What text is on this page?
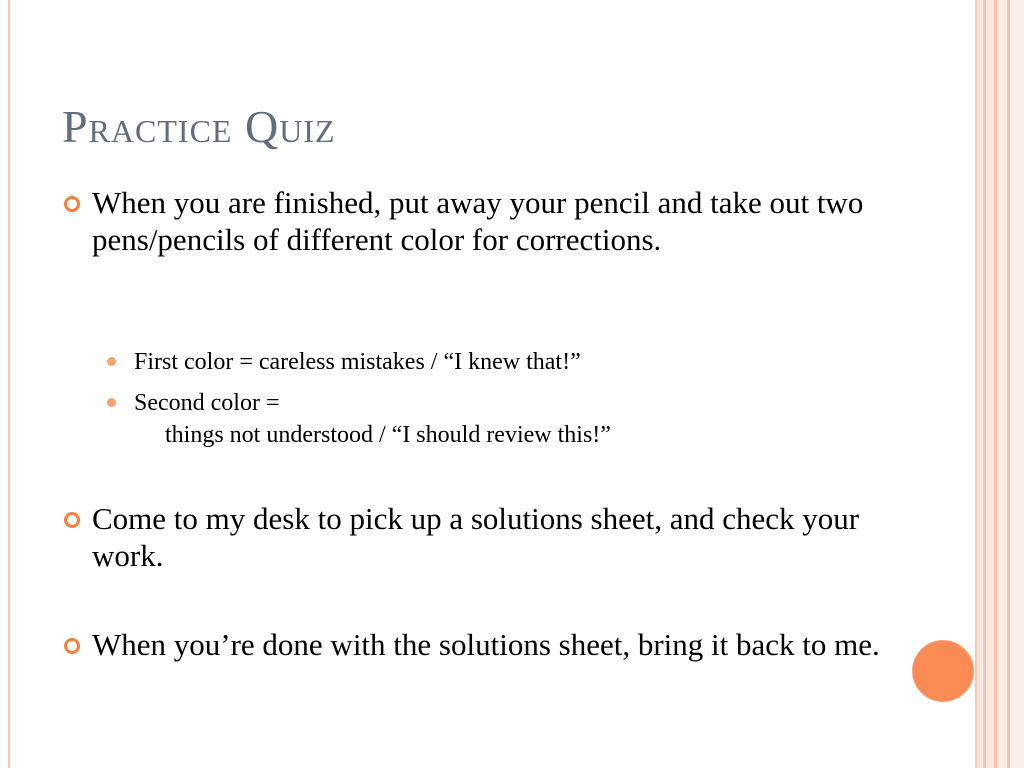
Practice Quiz

When you are finished, put away your pencil and take out two pens/pencils of different color for corrections.

First color = careless mistakes / “I knew that!”

Second color =
things not understood / “I should review this!”

Come to my desk to pick up a solutions sheet, and check your work.

When you’re done with the solutions sheet, bring it back to me.
